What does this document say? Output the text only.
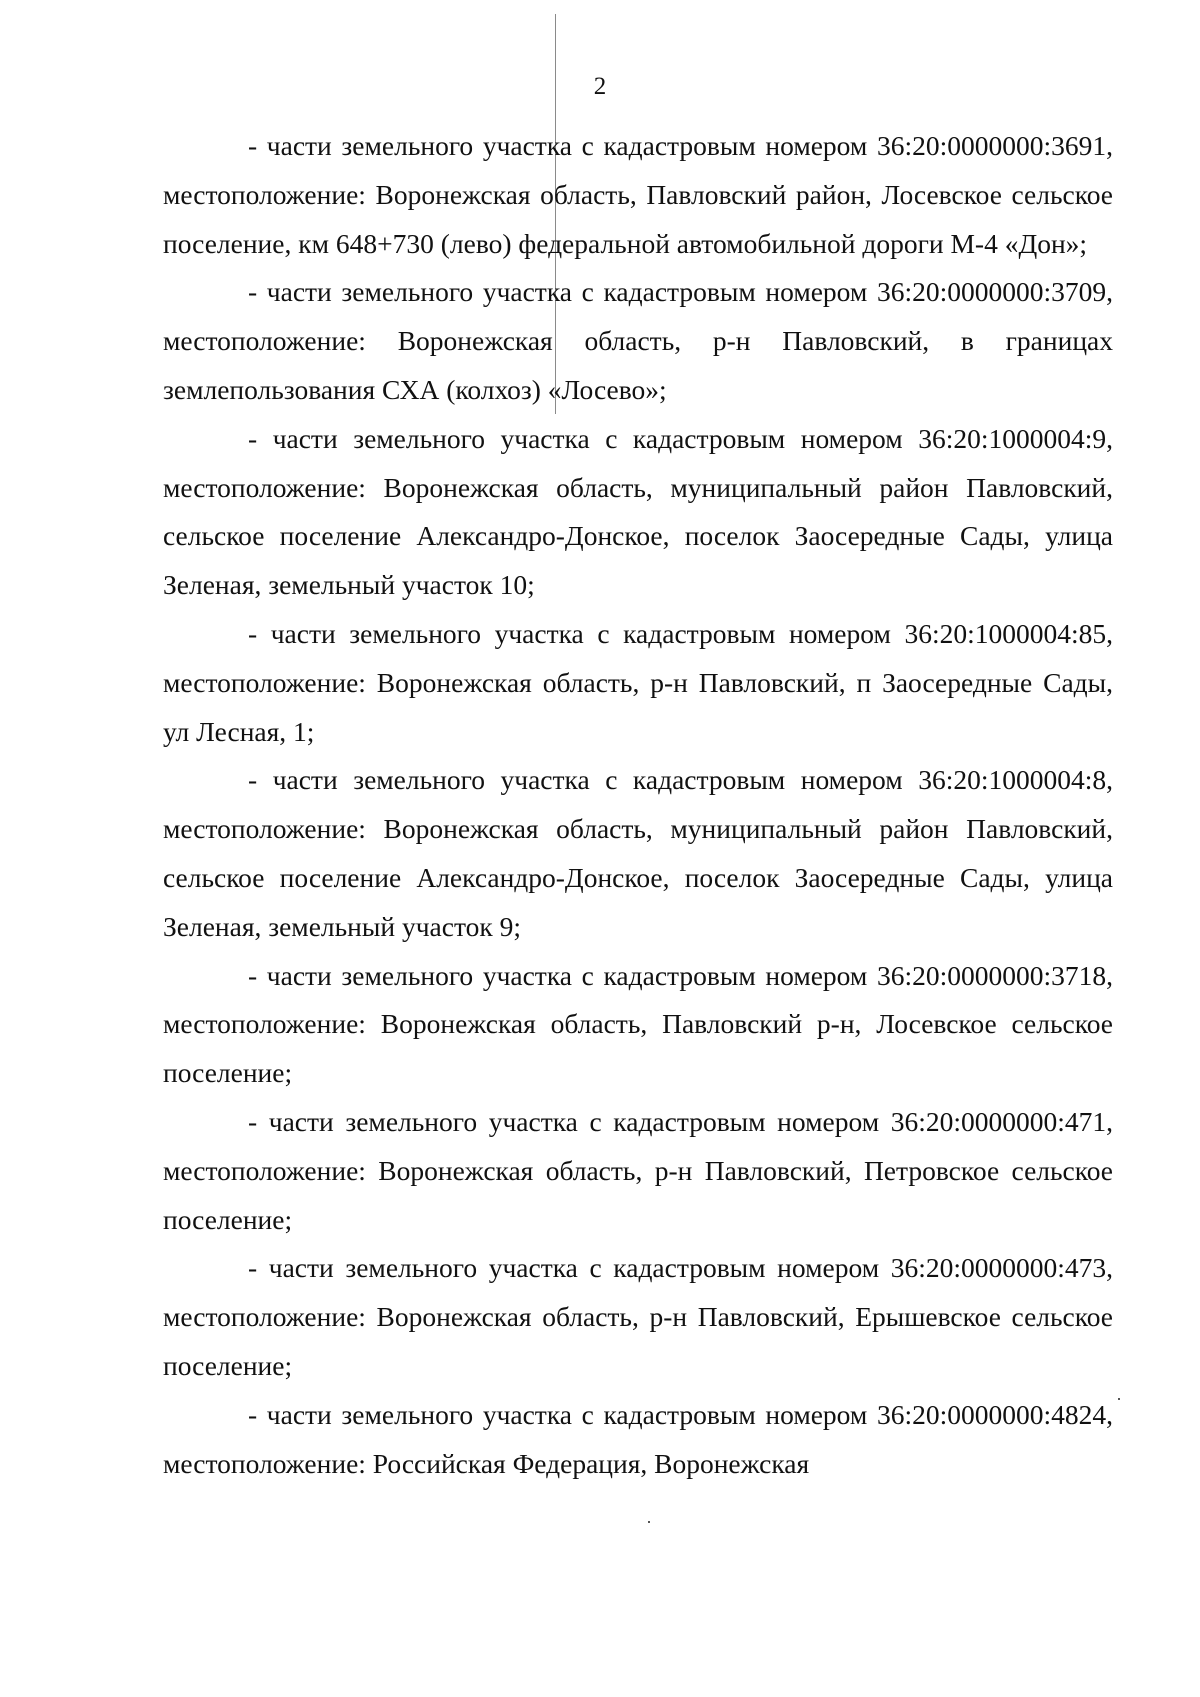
2

- части земельного участка с кадастровым номером 36:20:0000000:3691, местоположение: Воронежская область, Павловский район, Лосевское сельское поселение, км 648+730 (лево) федеральной автомобильной дороги М-4 «Дон»;

- части земельного участка с кадастровым номером 36:20:0000000:3709, местоположение: Воронежская область, р-н Павловский, в границах землепользования СХА (колхоз) «Лосево»;

- части земельного участка с кадастровым номером 36:20:1000004:9, местоположение: Воронежская область, муниципальный район Павловский, сельское поселение Александро-Донское, поселок Заосередные Сады, улица Зеленая, земельный участок 10;

- части земельного участка с кадастровым номером 36:20:1000004:85, местоположение: Воронежская область, р-н Павловский, п Заосередные Сады, ул Лесная, 1;

- части земельного участка с кадастровым номером 36:20:1000004:8, местоположение: Воронежская область, муниципальный район Павловский, сельское поселение Александро-Донское, поселок Заосередные Сады, улица Зеленая, земельный участок 9;

- части земельного участка с кадастровым номером 36:20:0000000:3718, местоположение: Воронежская область, Павловский р-н, Лосевское сельское поселение;

- части земельного участка с кадастровым номером 36:20:0000000:471, местоположение: Воронежская область, р-н Павловский, Петровское сельское поселение;

- части земельного участка с кадастровым номером 36:20:0000000:473, местоположение: Воронежская область, р-н Павловский, Ерышевское сельское поселение;

- части земельного участка с кадастровым номером 36:20:0000000:4824, местоположение: Российская Федерация, Воронежская
